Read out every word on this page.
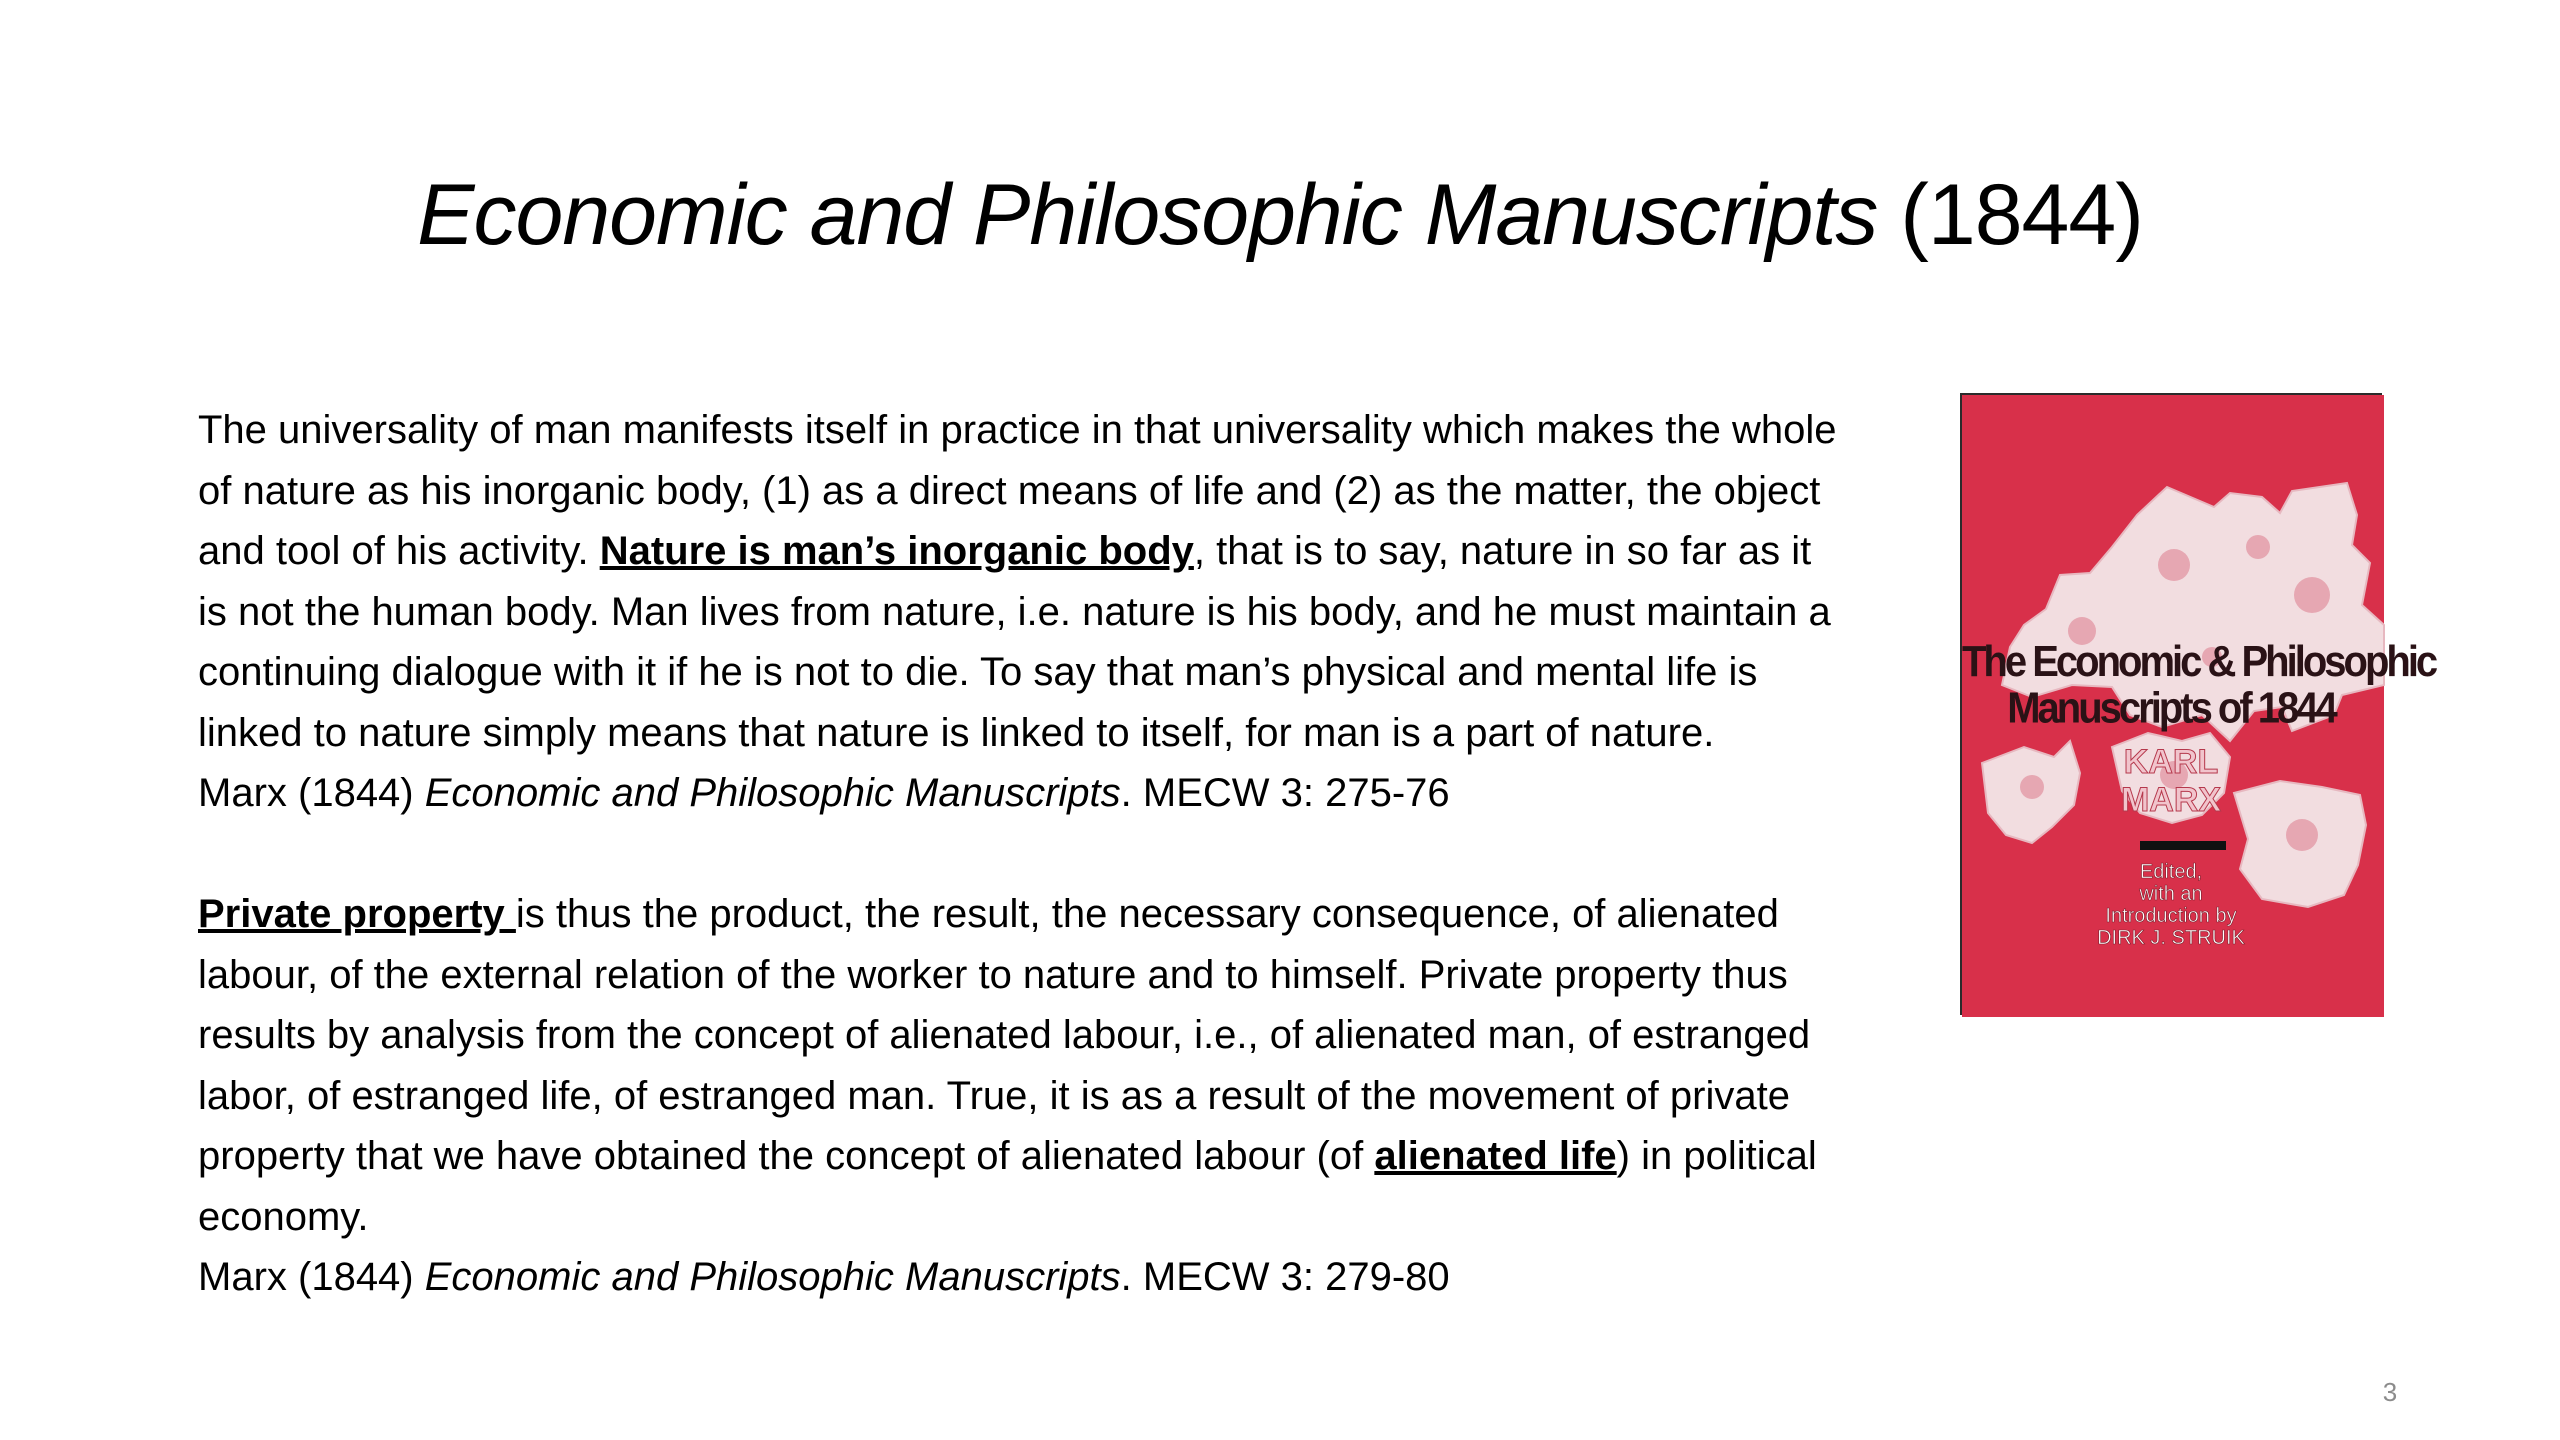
Economic and Philosophic Manuscripts (1844)

The universality of man manifests itself in practice in that universality which makes the whole of nature as his inorganic body, (1) as a direct means of life and (2) as the matter, the object and tool of his activity. Nature is man’s inorganic body, that is to say, nature in so far as it is not the human body. Man lives from nature, i.e. nature is his body, and he must maintain a continuing dialogue with it if he is not to die. To say that man’s physical and mental life is linked to nature simply means that nature is linked to itself, for man is a part of nature.

Marx (1844) Economic and Philosophic Manuscripts. MECW 3: 275-76

Private property is thus the product, the result, the necessary consequence, of alienated labour, of the external relation of the worker to nature and to himself. Private property thus results by analysis from the concept of alienated labour, i.e., of alienated man, of estranged labor, of estranged life, of estranged man. True, it is as a result of the movement of private property that we have obtained the concept of alienated labour (of alienated life) in political economy.

Marx (1844) Economic and Philosophic Manuscripts. MECW 3: 279-80

The Economic & Philosophic
Manuscripts of 1844
KARL
MARX
Edited,
with an
Introduction by
DIRK J. STRUIK
3
